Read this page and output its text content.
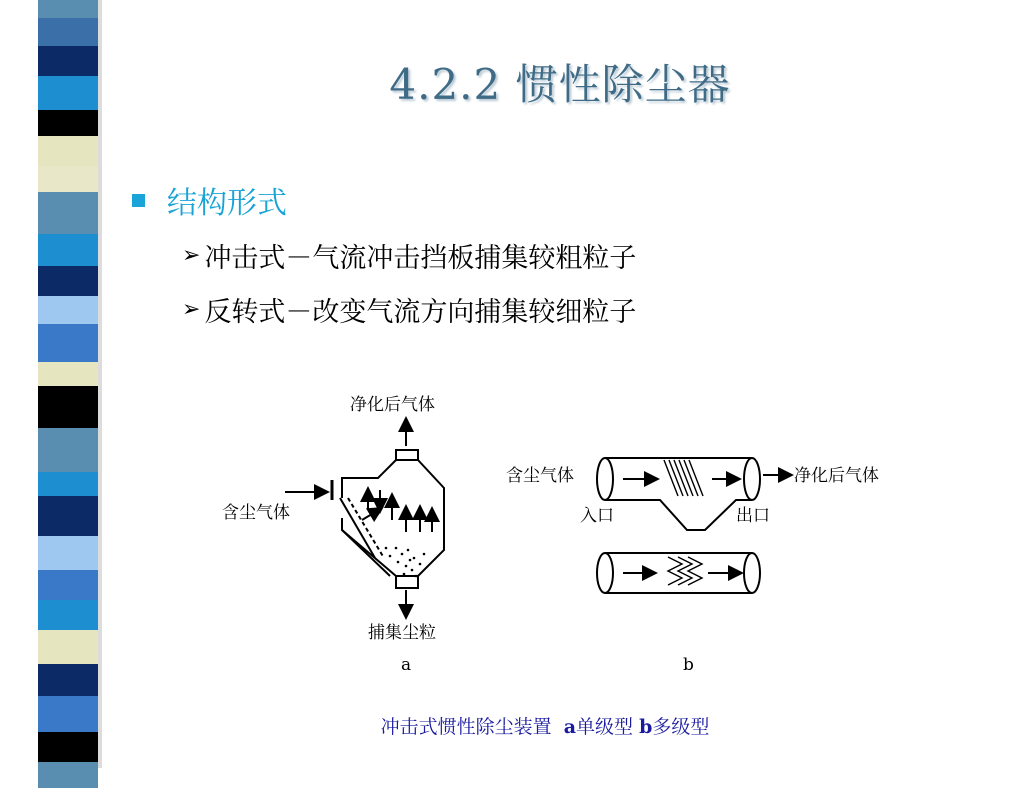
4.2.2 惯性除尘器
结构形式
➢ 冲击式－气流冲击挡板捕集较粗粒子
➢ 反转式－改变气流方向捕集较细粒子
净化后气体
含尘气体
捕集尘粒
a
含尘气体	净化后气体
入口	出口
b
冲击式惯性除尘装置 a单级型 b多级型
